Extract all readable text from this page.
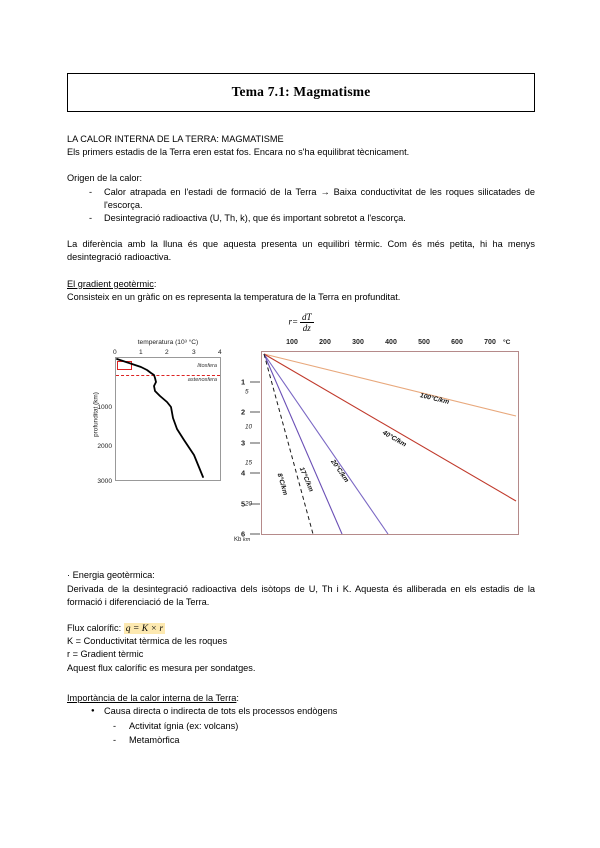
Tema 7.1: Magmatisme
LA CALOR INTERNA DE LA TERRA: MAGMATISME
Els primers estadis de la Terra eren estat fos. Encara no s'ha equilibrat tècnicament.
Origen de la calor:
- Calor atrapada en l'estadi de formació de la Terra → Baixa conductivitat de les roques silicatades de l'escorça.
- Desintegració radioactiva (U, Th, k), que és important sobretot a l'escorça.
La diferència amb la lluna és que aquesta presenta un equilibri tèrmic. Com és més petita, hi ha menys desintegració radioactiva.
El gradient geotèrmic:
Consisteix en un gràfic on es representa la temperatura de la Terra en profunditat.
$r= \frac{dT}{dz}$
temperatura (10³ °C)
0	1	2	3	4
1000
2000
3000
profunditat (km)
litosfera
astenosfera
100	200	300	400	500	600	700 °C
1
2
3
4
5
6
5
10
15
20
Kb km
100°C/km
40°C/km
20°C/km
17°C/km
8°C/km
· Energia geotèrmica:
Derivada de la desintegració radioactiva dels isòtops de U, Th i K. Aquesta és alliberada en els estadis de la formació i diferenciació de la Terra.
Flux calorífic: q = K × r
K = Conductivitat tèrmica de les roques
r = Gradient tèrmic
Aquest flux calorífic es mesura per sondatges.
Importància de la calor interna de la Terra:
● Causa directa o indirecta de tots els processos endògens
- Activitat ígnia (ex: volcans)
- Metamòrfica
